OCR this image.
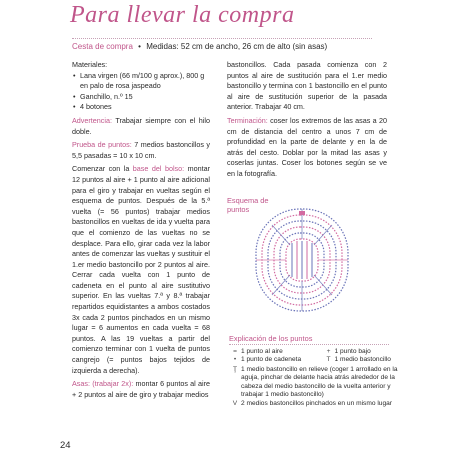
Para llevar la compra
Cesta de compra • Medidas: 52 cm de ancho, 26 cm de alto (sin asas)

Materiales:

• Lana virgen (66 m/100 g aprox.), 800 g
en palo de rosa jaspeado
• Ganchillo, n.º 15
• 4 botones

Advertencia: Trabajar siempre con el hilo doble.

Prueba de puntos: 7 medios bastoncillos y 5,5 pasadas = 10 x 10 cm.

Comenzar con la base del bolso: montar 12 puntos al aire + 1 punto al aire adicional para el giro y trabajar en vueltas según el esquema de puntos. Después de la 5.ª vuelta (= 56 puntos) trabajar medios bastoncillos en vueltas de ida y vuelta para que el comienzo de las vueltas no se desplace. Para ello, girar cada vez la labor antes de comenzar las vueltas y sustituir el 1.er medio bastoncillo por 2 puntos al aire. Cerrar cada vuelta con 1 punto de cadeneta en el punto al aire sustitutivo superior. En las vueltas 7.ª y 8.ª trabajar repartidos equidistantes a ambos costados 3x cada 2 puntos pinchados en un mismo lugar = 6 aumentos en cada vuelta = 68 puntos. A las 19 vueltas a partir del comienzo terminar con 1 vuelta de puntos cangrejo (= puntos bajos tejidos de izquierda a derecha).

Asas: (trabajar 2x): montar 6 puntos al aire + 2 puntos al aire de giro y trabajar medios

bastoncillos. Cada pasada comienza con 2 puntos al aire de sustitución para el 1.er medio bastoncillo y termina con 1 bastoncillo en el punto al aire de sustitución superior de la pasada anterior. Trabajar 40 cm.

Terminación: coser los extremos de las asas a 20 cm de distancia del centro a unos 7 cm de profundidad en la parte de delante y en la de atrás del cesto. Doblar por la mitad las asas y coserlas juntas. Coser los botones según se ve en la fotografía.

Esquema de puntos
Explicación de los puntos
= 1 punto al aire	+ 1 punto bajo
• 1 punto de cadeneta	T 1 medio bastoncillo
Ţ 1 medio bastoncillo en relieve (coger 1 arrollado en la aguja, pinchar de delante hacia atrás alrededor de la cabeza del medio bastoncillo de la vuelta anterior y trabajar 1 medio bastoncillo)
V 2 medios bastoncillos pinchados en un mismo lugar
24
